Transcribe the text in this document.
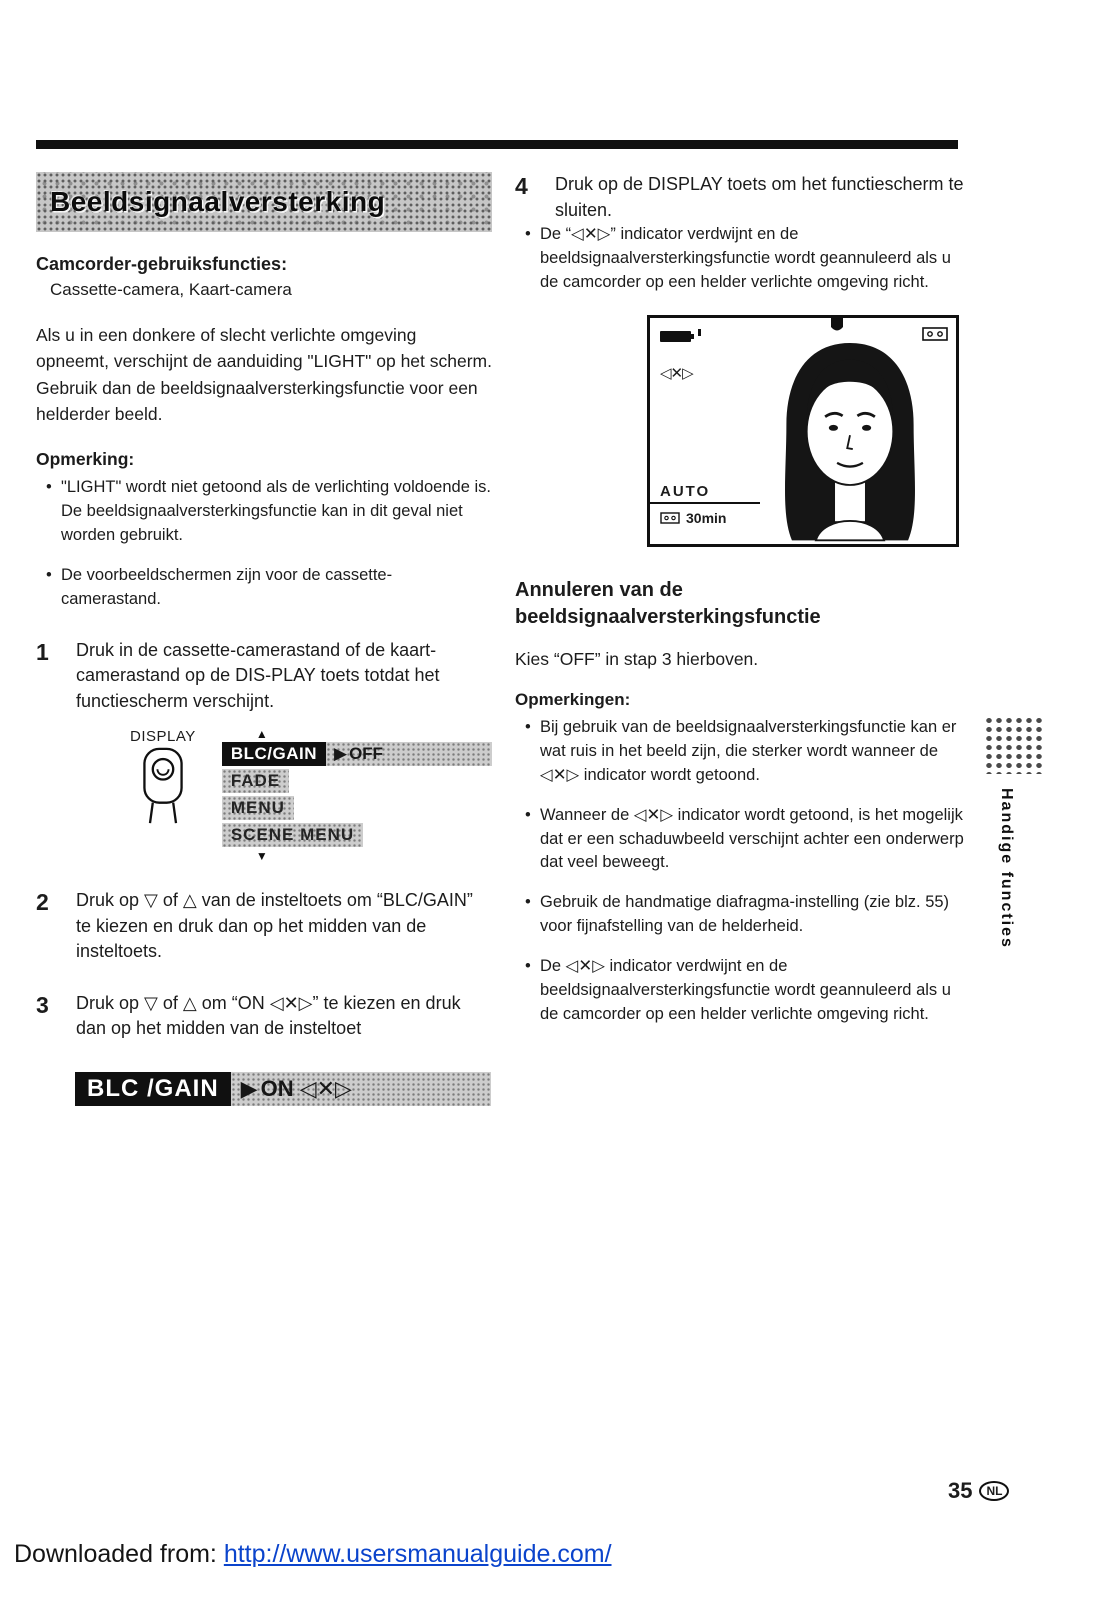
Beeldsignaalversterking
Camcorder-gebruiksfuncties:
Cassette-camera, Kaart-camera

Als u in een donkere of slecht verlichte omgeving opneemt, verschijnt de aanduiding "LIGHT" op het scherm. Gebruik dan de beeldsignaalversterkingsfunctie voor een helderder beeld.

Opmerking:
• "LIGHT" wordt niet getoond als de verlichting voldoende is. De beeldsignaalversterkingsfunctie kan in dit geval niet worden gebruikt.
• De voorbeeldschermen zijn voor de cassette-camerastand.
1	Druk in de cassette-camerastand of de kaart-camerastand op de DIS-PLAY toets totdat het functiescherm verschijnt.
DISPLAY	▲
BLC/GAIN	▶ OFF
FADE
MENU
SCENE MENU
▼
2	Druk op ▽ of △ van de insteltoets om “BLC/GAIN” te kiezen en druk dan op het midden van de insteltoets.
3	Druk op ▽ of △ om “ON ◁✕▷” te kiezen en druk dan op het midden van de insteltoet
BLC /GAIN	▶ ON ◁✕▷
4	Druk op de DISPLAY toets om het functiescherm te sluiten.
• De “◁✕▷” indicator verdwijnt en de beeldsignaalversterkingsfunctie wordt geannuleerd als u de camcorder op een helder verlichte omgeving richt.
◁✕▷
AUTO
30min
Annuleren van de beeldsignaalversterkingsfunctie
Kies “OFF” in stap 3 hierboven.
Opmerkingen:
• Bij gebruik van de beeldsignaalversterkingsfunctie kan er wat ruis in het beeld zijn, die sterker wordt wanneer de ◁✕▷ indicator wordt getoond.
• Wanneer de ◁✕▷ indicator wordt getoond, is het mogelijk dat er een schaduwbeeld verschijnt achter een onderwerp dat veel beweegt.
• Gebruik de handmatige diafragma-instelling (zie blz. 55) voor fijnafstelling van de helderheid.
• De ◁✕▷ indicator verdwijnt en de beeldsignaalversterkingsfunctie wordt geannuleerd als u de camcorder op een helder verlichte omgeving richt.
Handige functies
35	NL
Downloaded from: http://www.usersmanualguide.com/
